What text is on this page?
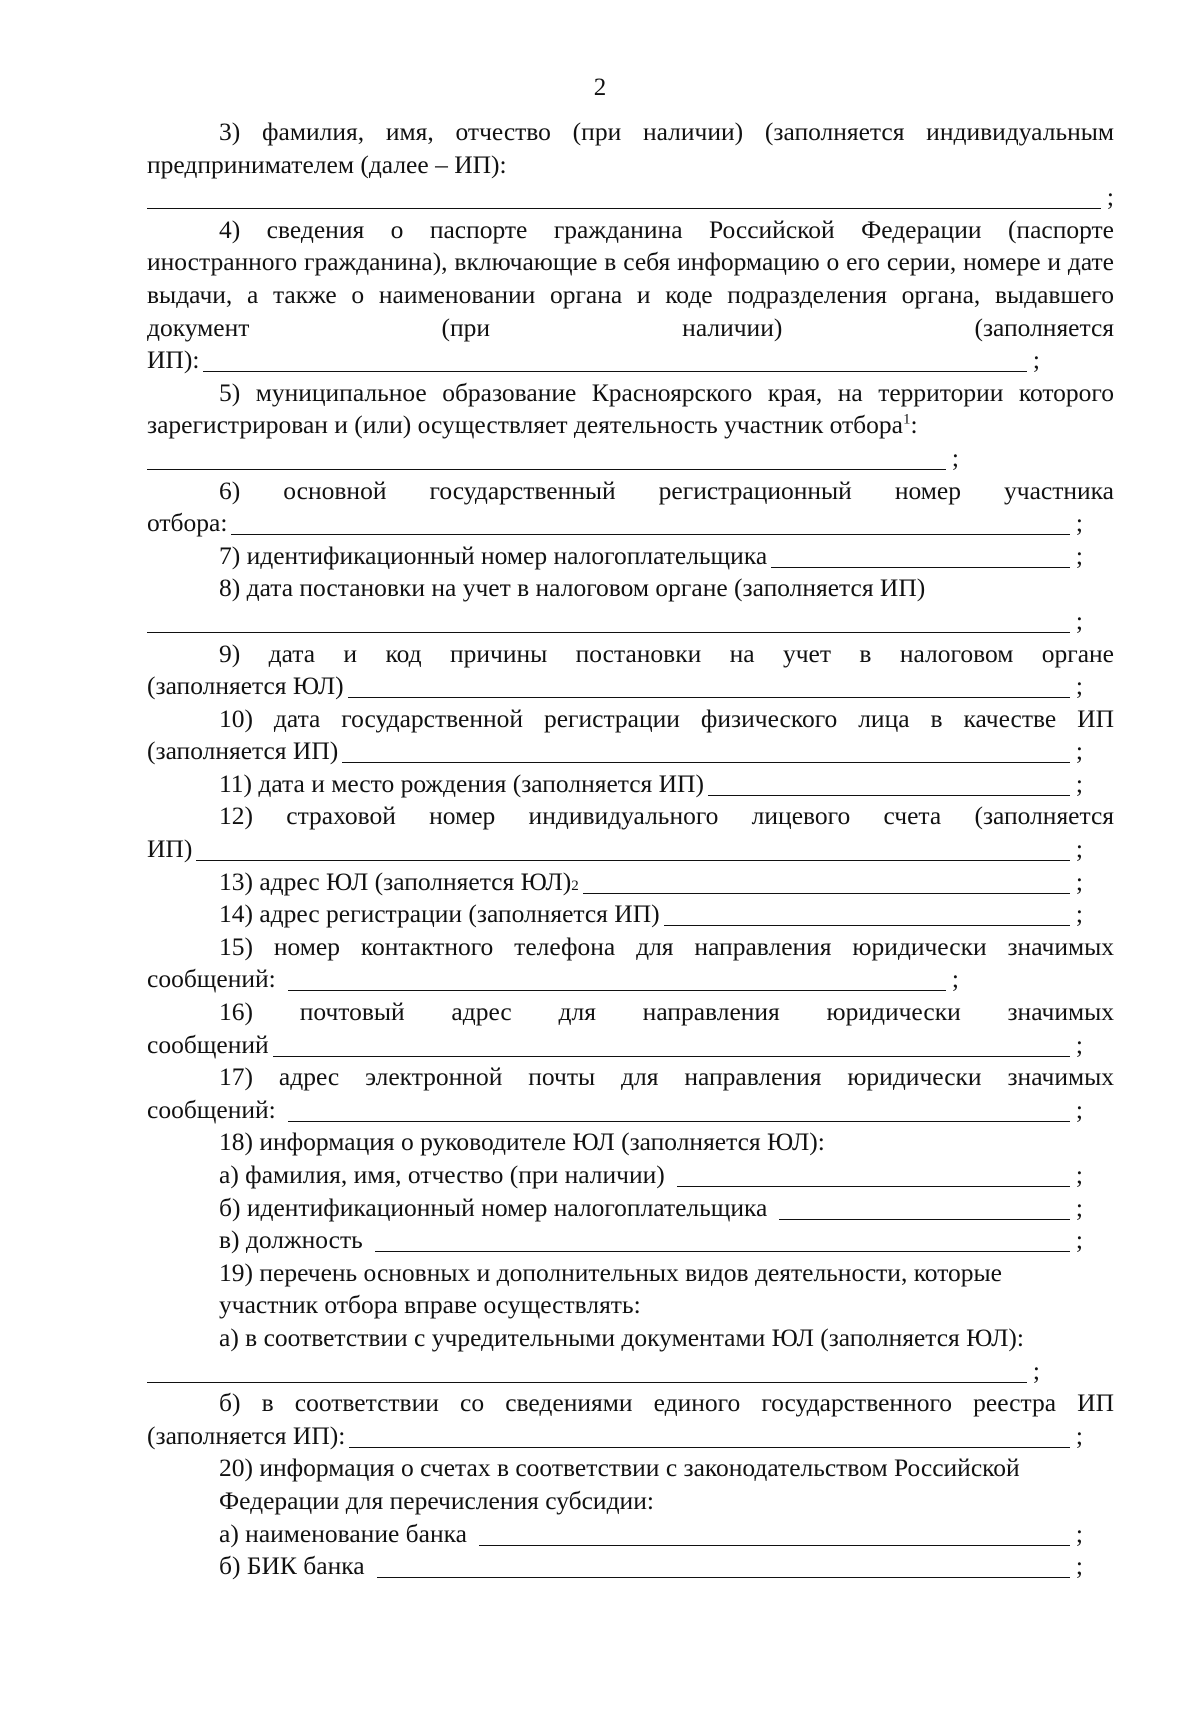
2

3) фамилия, имя, отчество (при наличии) (заполняется индивидуальным предпринимателем (далее – ИП):

;

4) сведения о паспорте гражданина Российской Федерации (паспорте иностранного гражданина), включающие в себя информацию о его серии, номере и дате выдачи, а также о наименовании органа и коде подразделения органа, выдавшего документ (при наличии) (заполняется

ИП):	;

5) муниципальное образование Красноярского края, на территории которого зарегистрирован и (или) осуществляет деятельность участник отбора$^1$:

;
6) основной государственный регистрационный номер участника
отбора:	;
7) идентификационный номер налогоплательщика	;
8) дата постановки на учет в налоговом органе (заполняется ИП)
;
9) дата и код причины постановки на учет в налоговом органе
(заполняется ЮЛ)	;
10) дата государственной регистрации физического лица в качестве ИП
(заполняется ИП)	;
11) дата и место рождения (заполняется ИП)	;
12) страховой номер индивидуального лицевого счета (заполняется
ИП)	;
13) адрес ЮЛ (заполняется ЮЛ) 2	;
14) адрес регистрации (заполняется ИП)	;
15) номер контактного телефона для направления юридически значимых
сообщений:	;
16) почтовый адрес для направления юридически значимых
сообщений	;
17) адрес электронной почты для направления юридически значимых
сообщений:	;
18) информация о руководителе ЮЛ (заполняется ЮЛ):
а) фамилия, имя, отчество (при наличии)	;
б) идентификационный номер налогоплательщика	;
в) должность	;
19) перечень основных и дополнительных видов деятельности, которые
участник отбора вправе осуществлять:
а) в соответствии с учредительными документами ЮЛ (заполняется ЮЛ):
;
б) в соответствии со сведениями единого государственного реестра ИП
(заполняется ИП):	;
20) информация о счетах в соответствии с законодательством Российской
Федерации для перечисления субсидии:
а) наименование банка	;
б) БИК банка	;
